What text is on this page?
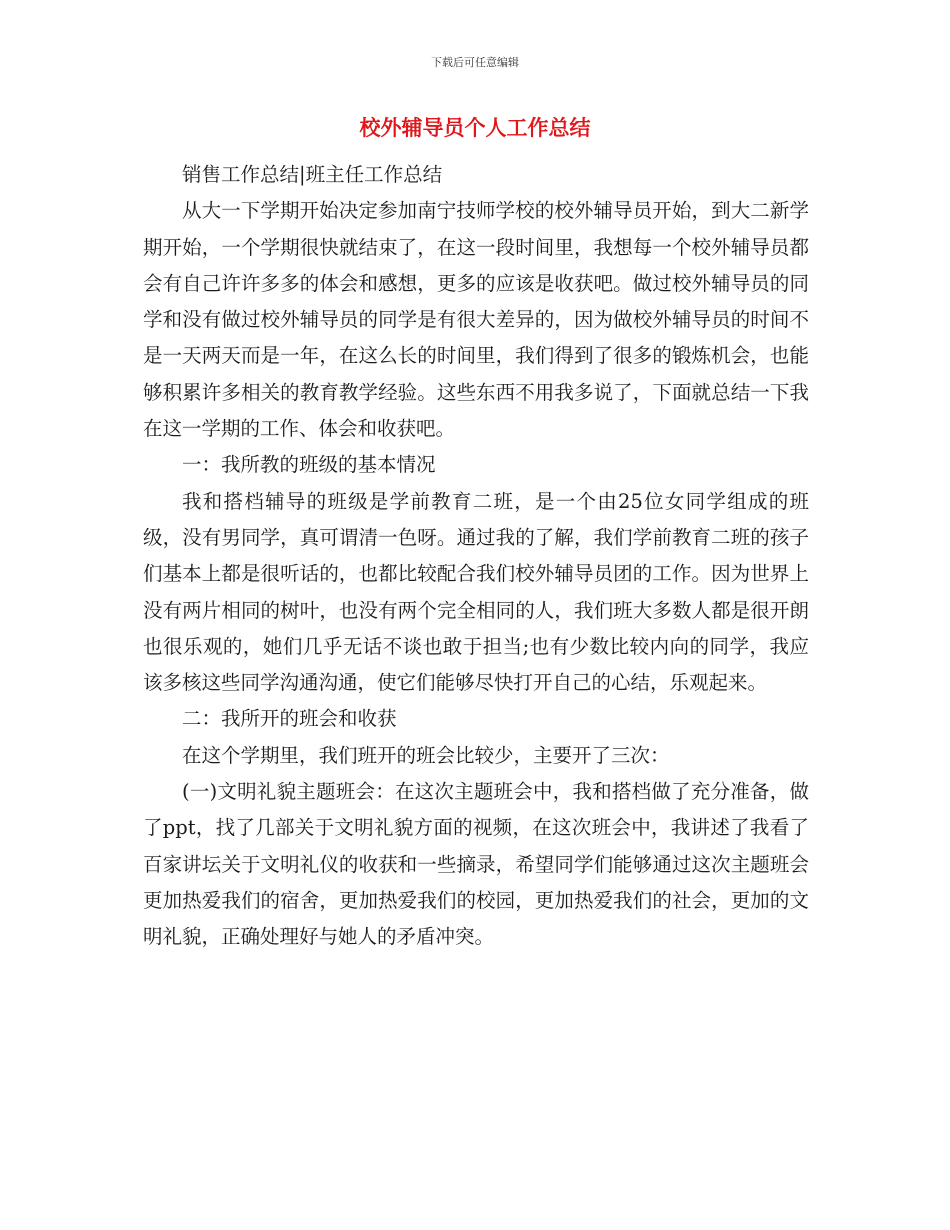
下载后可任意编辑
校外辅导员个人工作总结

销售工作总结|班主任工作总结

从大一下学期开始决定参加南宁技师学校的校外辅导员开始，到大二新学期开始，一个学期很快就结束了，在这一段时间里，我想每一个校外辅导员都会有自己许许多多的体会和感想，更多的应该是收获吧。做过校外辅导员的同学和没有做过校外辅导员的同学是有很大差异的，因为做校外辅导员的时间不是一天两天而是一年，在这么长的时间里，我们得到了很多的锻炼机会，也能够积累许多相关的教育教学经验。这些东西不用我多说了，下面就总结一下我在这一学期的工作、体会和收获吧。

一：我所教的班级的基本情况

我和搭档辅导的班级是学前教育二班，是一个由25位女同学组成的班级，没有男同学，真可谓清一色呀。通过我的了解，我们学前教育二班的孩子们基本上都是很听话的，也都比较配合我们校外辅导员团的工作。因为世界上没有两片相同的树叶，也没有两个完全相同的人，我们班大多数人都是很开朗也很乐观的，她们几乎无话不谈也敢于担当;也有少数比较内向的同学，我应该多核这些同学沟通沟通，使它们能够尽快打开自己的心结，乐观起来。

二：我所开的班会和收获

在这个学期里，我们班开的班会比较少，主要开了三次：

(一)文明礼貌主题班会：在这次主题班会中，我和搭档做了充分准备，做了ppt，找了几部关于文明礼貌方面的视频，在这次班会中，我讲述了我看了百家讲坛关于文明礼仪的收获和一些摘录，希望同学们能够通过这次主题班会更加热爱我们的宿舍，更加热爱我们的校园，更加热爱我们的社会，更加的文明礼貌，正确处理好与她人的矛盾冲突。
